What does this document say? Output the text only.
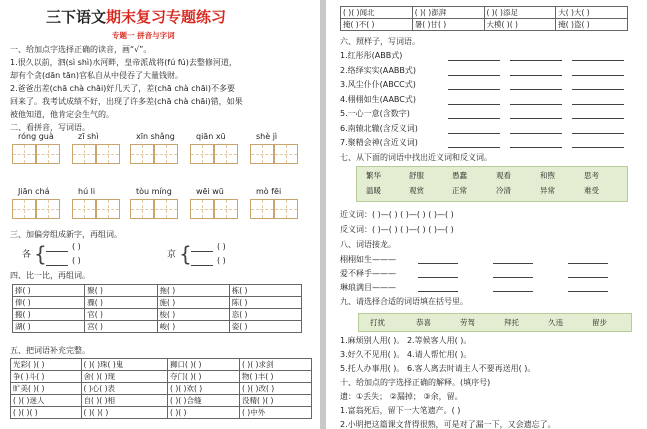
三下语文期末复习专题练习
专题一 拼音与字词
一、给加点字选择正确的读音，画“√”。
1.很久以前，泗(sì shì)水河畔，皇帝派战将(fú fú)去整修河道，
却有个贪(dān tān)官私自从中侵吞了大量钱财。
2.爸爸出差(chā chà chāi)好几天了，差(chā chà chāi)不多要
回来了。我考试成绩不好，出现了许多差(chā chà chāi)错，如果
被他知道，他肯定会生气的。
二、看拼音，写词语。
róng guà	zī shì	xīn shǎng	qiān xū	shè jì
Jiān chá	hú li	tòu míng	wēi wū	mò fēi
三、加偏旁组成新字，再组词。
各 {	( )
( )
京 {	( )
( )
四、比一比，再组词。
捧( )	聚( )	拖( )	栋( )
俸( )	骤( )	施( )	陈( )
搬( )	官( )	梭( )	恣( )
湖( )	宫( )	峻( )	姿( )
五、把词语补充完整。
光彩( )( )	( )( )珠( )鬼	狮口( )( )	( )( )求剑
争( )斗( )	舍( )( )现	夺门( )( )	物( )丰( )
旷美( )( )	( )心( )表	( )( )欢( )	( )( )改( )
( )( )迷人	自( )( )相	( )( )合缝	没精( )( )
( )( )( )	( )( )( )	( )( )	( )中外
( )( )闻北	( )( )澎湃	( )( )添足	大( )大( )
掩( )不( )	暑( )甘( )	大模( )( )	掩( )盗( )
六、照样子，写词语。
1.红彤彤(ABB式)
2.络绎实实(AABB式)
3.风尘仆仆(ABCC式)
4.栩栩如生(AABC式)
5.一心一意(含数字)
6.南辕北辙(含反义词)
7.聚精会神(含近义词)
七、从下面的词语中找出近义词和反义词。
繁华	舒服	愚蠢	观看	和煦	思考
温暖	观赏	正常	冷清	异常	难受
近义词：( )—( ) ( )—( ) ( )—( )
反义词：( )—( ) ( )—( ) ( )—( )
八、词语接龙。
栩栩如生———
爱不释手———
琳琅满目———
九、请选择合适的词语填在括号里。
打扰	恭喜	劳驾	拜托	久违	留步
1.麻烦别人用( )。 2.等候客人用( )。
3.好久不见用( )。 4.请人帮忙用( )。
5.托人办事用( )。 6.客人离去时请主人不要再送用( )。
十、给加点的字选择正确的解释。(填序号)
遗：①丢失； ②漏掉； ③余，留。
1.富翁死后，留下一大笔遗产。( )
2.小明把这篇课文背得很熟，可是对了漏一下，又会遗忘了。
